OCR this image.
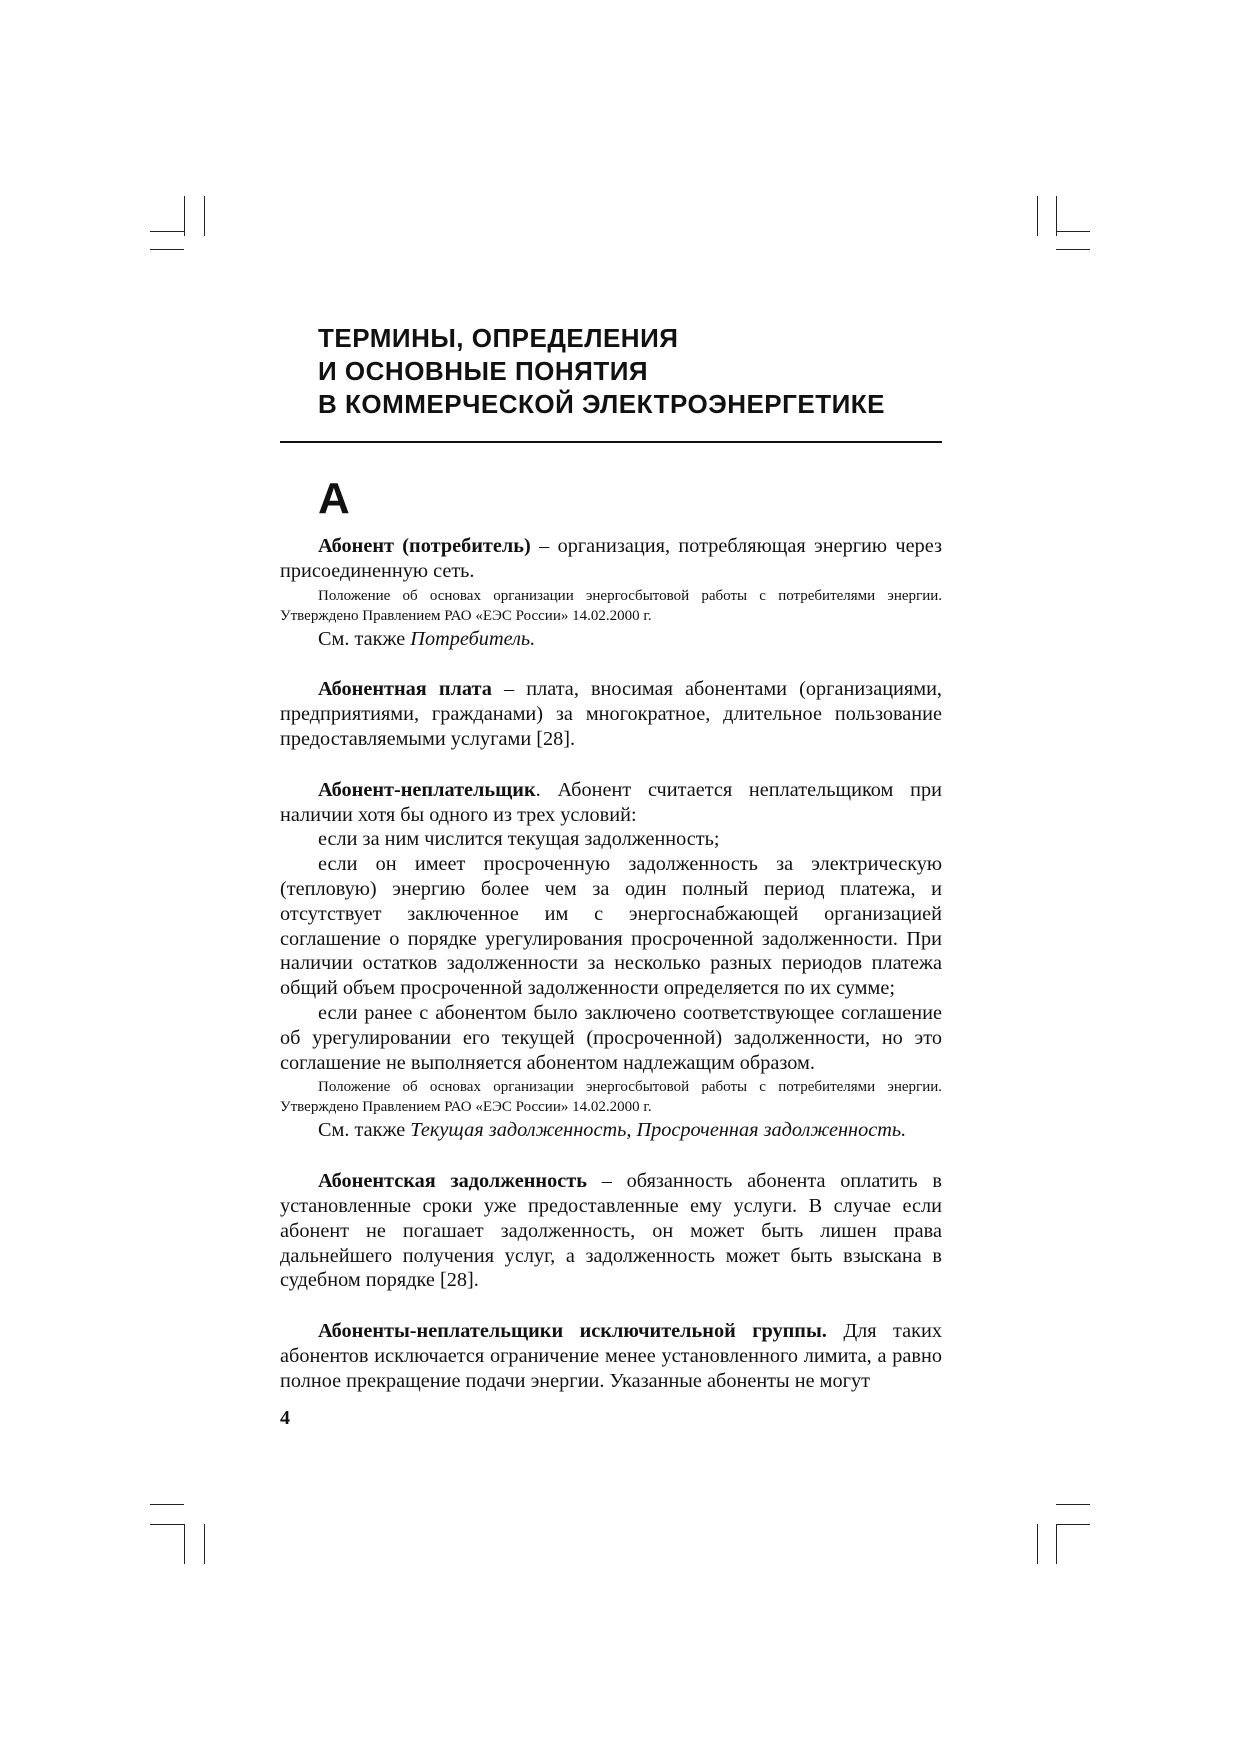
ТЕРМИНЫ, ОПРЕДЕЛЕНИЯ
И ОСНОВНЫЕ ПОНЯТИЯ
В КОММЕРЧЕСКОЙ ЭЛЕКТРОЭНЕРГЕТИКЕ
А

Абонент (потребитель) – организация, потребляющая энергию через присоединенную сеть.

Положение об основах организации энергосбытовой работы с потребителями энергии. Утверждено Правлением РАО «ЕЭС России» 14.02.2000 г.

См. также Потребитель.

Абонентная плата – плата, вносимая абонентами (организациями, предприятиями, гражданами) за многократное, длительное пользование предоставляемыми услугами [28].

Абонент-неплательщик. Абонент считается неплательщиком при наличии хотя бы одного из трех условий:

если за ним числится текущая задолженность;

если он имеет просроченную задолженность за электрическую (тепловую) энергию более чем за один полный период платежа, и отсутствует заключенное им с энергоснабжающей организацией соглашение о порядке урегулирования просроченной задолженности. При наличии остатков задолженности за несколько разных периодов платежа общий объем просроченной задолженности определяется по их сумме;

если ранее с абонентом было заключено соответствующее соглашение об урегулировании его текущей (просроченной) задолженности, но это соглашение не выполняется абонентом надлежащим образом.

Положение об основах организации энергосбытовой работы с потребителями энергии. Утверждено Правлением РАО «ЕЭС России» 14.02.2000 г.

См. также Текущая задолженность, Просроченная задолженность.

Абонентская задолженность – обязанность абонента оплатить в установленные сроки уже предоставленные ему услуги. В случае если абонент не погашает задолженность, он может быть лишен права дальнейшего получения услуг, а задолженность может быть взыскана в судебном порядке [28].

Абоненты-неплательщики исключительной группы. Для таких абонентов исключается ограничение менее установленного лимита, а равно полное прекращение подачи энергии. Указанные абоненты не могут

4
